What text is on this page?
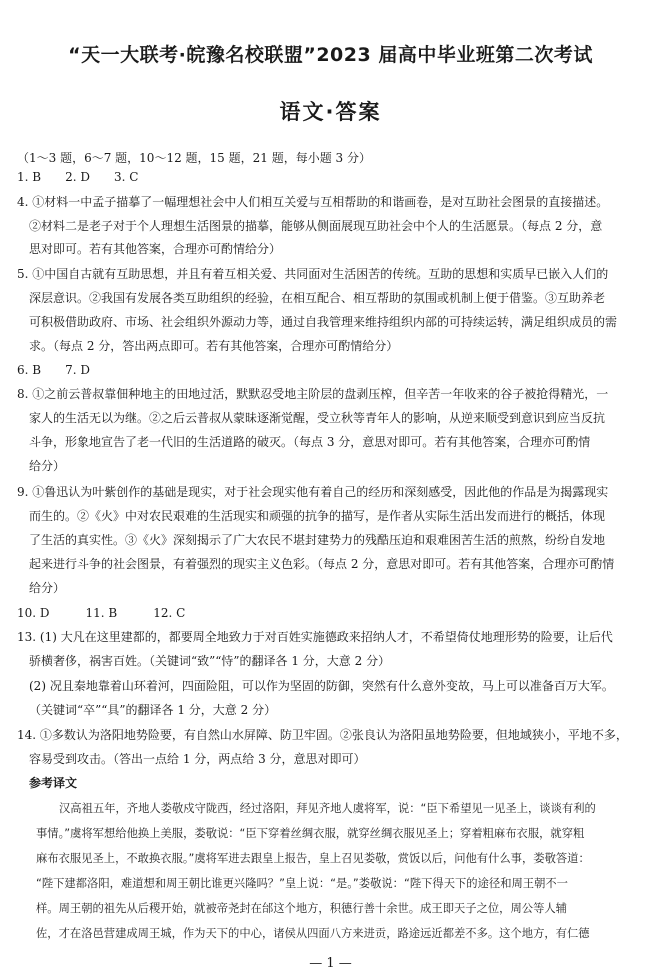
“天一大联考·皖豫名校联盟”2023 届高中毕业班第二次考试
语文·答案
（1～3 题，6～7 题，10～12 题，15 题，21 题，每小题 3 分）
1. B　　2. D　　3. C
4. ①材料一中孟子描摹了一幅理想社会中人们相互关爱与互相帮助的和谐画卷，是对互助社会图景的直接描述。
②材料二是老子对于个人理想生活图景的描摹，能够从侧面展现互助社会中个人的生活愿景。（每点 2 分，意
思对即可。若有其他答案，合理亦可酌情给分）
5. ①中国自古就有互助思想，并且有着互相关爱、共同面对生活困苦的传统。互助的思想和实质早已嵌入人们的
深层意识。②我国有发展各类互助组织的经验，在相互配合、相互帮助的氛围或机制上便于借鉴。③互助养老
可积极借助政府、市场、社会组织外源动力等，通过自我管理来维持组织内部的可持续运转，满足组织成员的需
求。（每点 2 分，答出两点即可。若有其他答案，合理亦可酌情给分）
6. B　　7. D
8. ①之前云普叔靠佃种地主的田地过活，默默忍受地主阶层的盘剥压榨，但辛苦一年收来的谷子被抢得精光，一
家人的生活无以为继。②之后云普叔从蒙昧逐渐觉醒，受立秋等青年人的影响，从逆来顺受到意识到应当反抗
斗争，形象地宣告了老一代旧的生活道路的破灭。（每点 3 分，意思对即可。若有其他答案，合理亦可酌情
给分）
9. ①鲁迅认为叶紫创作的基础是现实，对于社会现实他有着自己的经历和深刻感受，因此他的作品是为揭露现实
而生的。②《火》中对农民艰难的生活现实和顽强的抗争的描写，是作者从实际生活出发而进行的概括，体现
了生活的真实性。③《火》深刻揭示了广大农民不堪封建势力的残酷压迫和艰难困苦生活的煎熬，纷纷自发地
起来进行斗争的社会图景，有着强烈的现实主义色彩。（每点 2 分，意思对即可。若有其他答案，合理亦可酌情
给分）
10. D　　　11. B　　　12. C
13. (1) 大凡在这里建都的，都要周全地致力于对百姓实施德政来招纳人才，不希望倚仗地理形势的险要，让后代
骄横奢侈，祸害百姓。（关键词“致”“恃”的翻译各 1 分，大意 2 分）
(2) 况且秦地靠着山环着河，四面险阻，可以作为坚固的防御，突然有什么意外变故，马上可以准备百万大军。
（关键词“卒”“具”的翻译各 1 分，大意 2 分）
14. ①多数认为洛阳地势险要，有自然山水屏障、防卫牢固。②张良认为洛阳虽地势险要，但地域狭小，平地不多，
容易受到攻击。（答出一点给 1 分，两点给 3 分，意思对即可）
参考译文
汉高祖五年，齐地人娄敬戍守陇西，经过洛阳，拜见齐地人虞将军，说：“臣下希望见一见圣上，谈谈有利的
事情。”虞将军想给他换上美服，娄敬说：“臣下穿着丝绸衣服，就穿丝绸衣服见圣上；穿着粗麻布衣服，就穿粗
麻布衣服见圣上，不敢换衣服。”虞将军进去跟皇上报告，皇上召见娄敬，赏饭以后，问他有什么事，娄敬答道：
“陛下建都洛阳，难道想和周王朝比谁更兴隆吗？”皇上说：“是。”娄敬说：“陛下得天下的途径和周王朝不一
样。周王朝的祖先从后稷开始，就被帝尧封在邰这个地方，积德行善十余世。成王即天子之位，周公等人辅
佐，才在洛邑营建成周王城，作为天下的中心，诸侯从四面八方来进贡，路途远近都差不多。这个地方，有仁德
— 1 —
